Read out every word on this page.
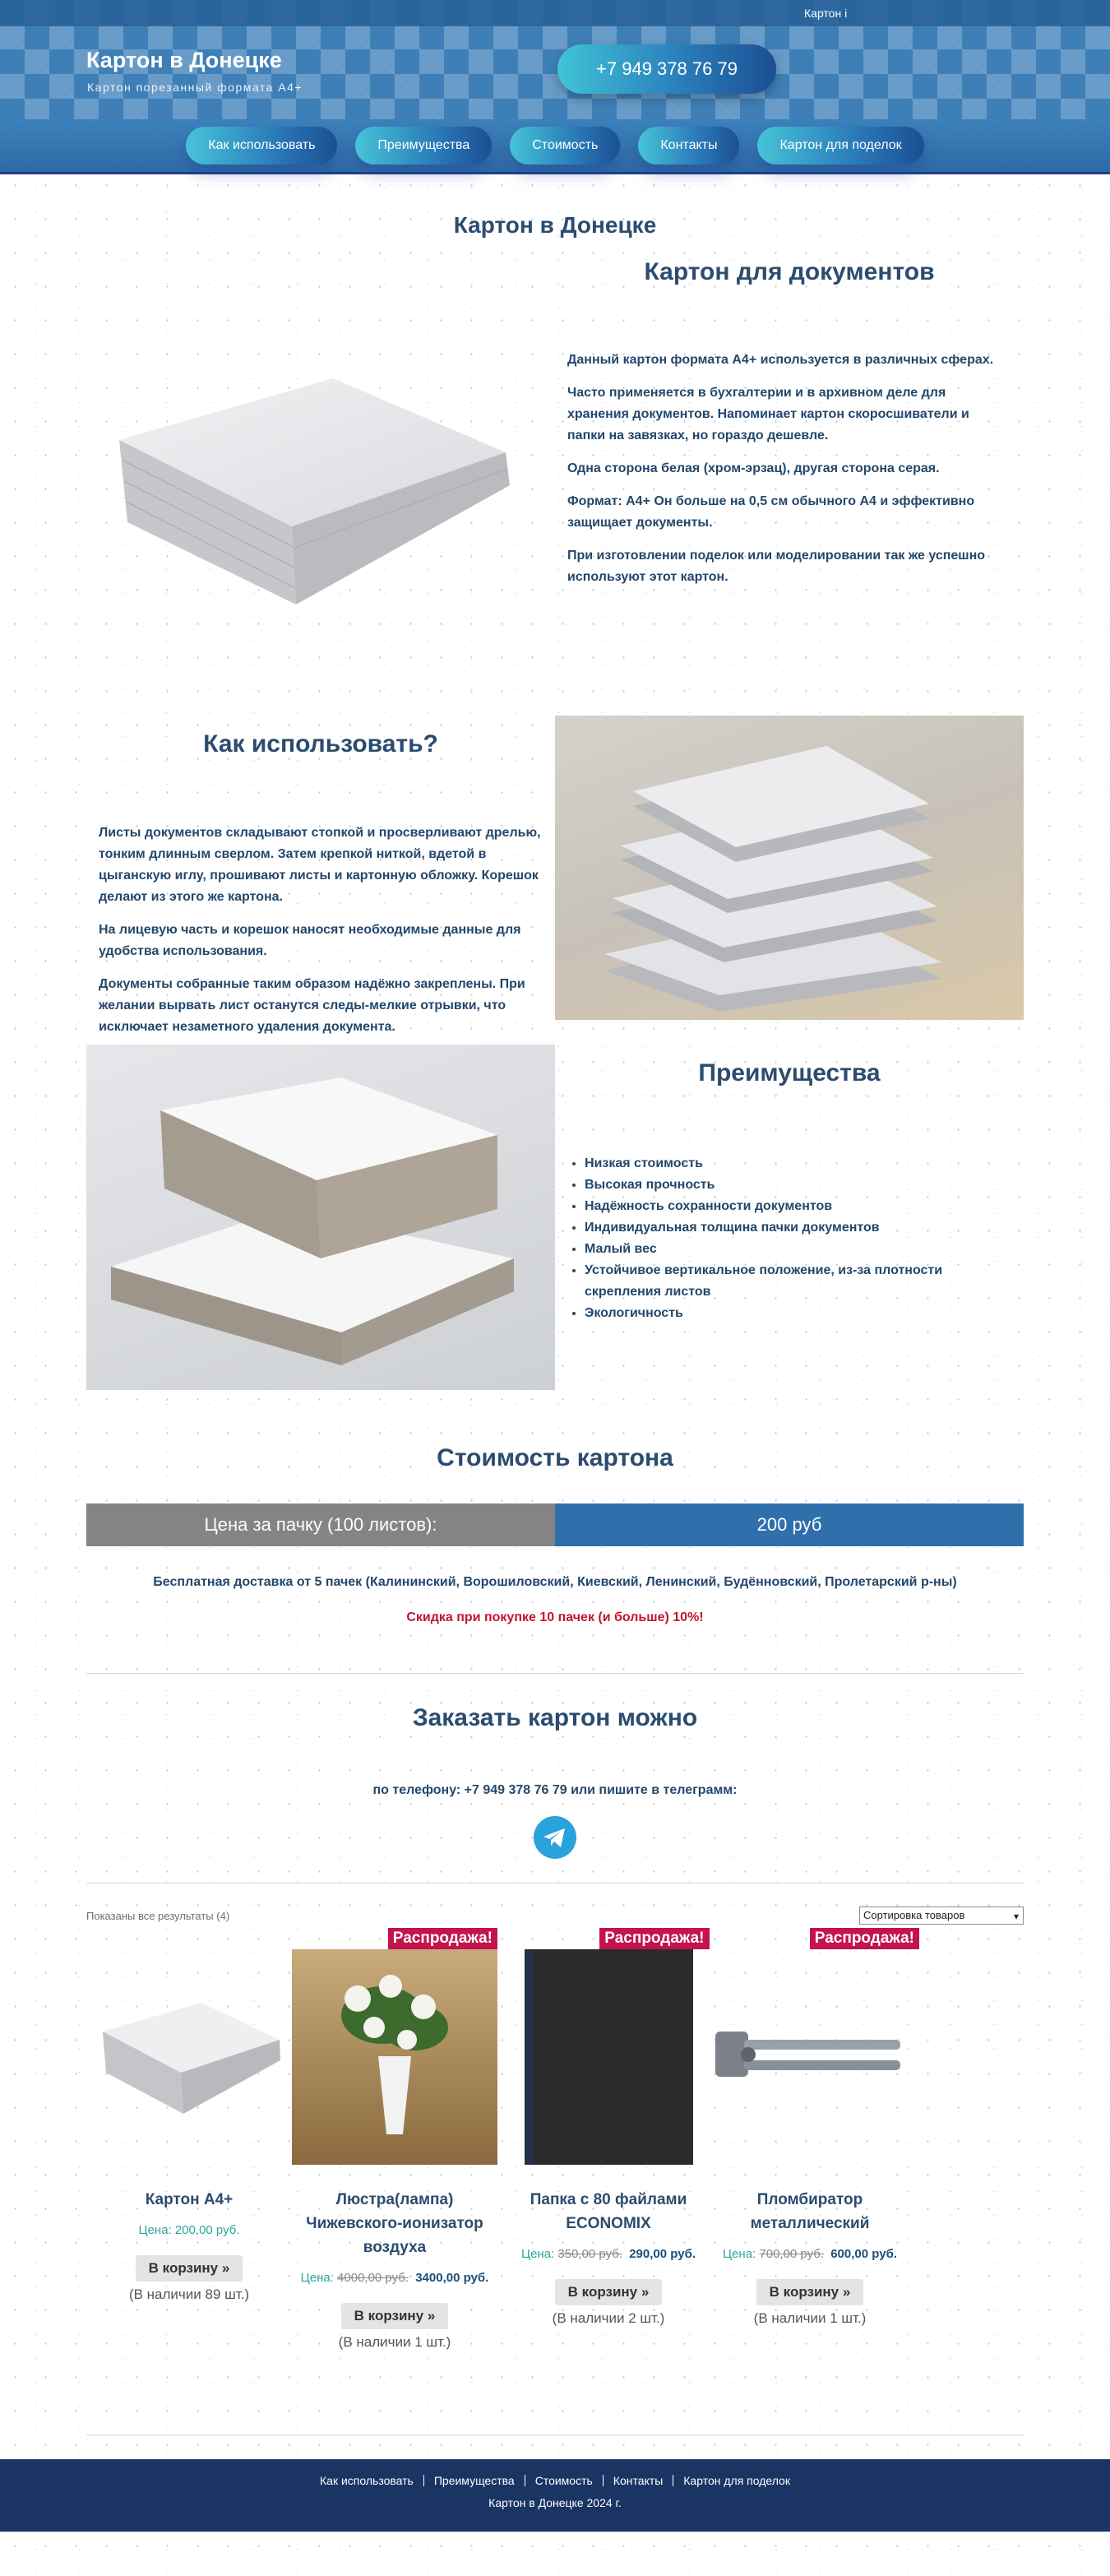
Картон і
Картон в Донецке
Картон порезанный формата А4+
+7 949 378 76 79
Как использовать	Преимущества	Стоимость	Контакты	Картон для поделок
Картон в Донецке
Картон для документов

Данный картон формата А4+ используется в различных сферах.

Часто применяется в бухгалтерии и в архивном деле для хранения документов. Напоминает картон скоросшиватели и папки на завязках, но гораздо дешевле.

Одна сторона белая (хром-эрзац), другая сторона серая.

Формат: А4+ Он больше на 0,5 см обычного А4 и эффективно защищает документы.

При изготовлении поделок или моделировании так же успешно используют этот картон.

Как использовать?

Листы документов складывают стопкой и просверливают дрелью, тонким длинным сверлом. Затем крепкой ниткой, вдетой в цыганскую иглу, прошивают листы и картонную обложку. Корешок делают из этого же картона.

На лицевую часть и корешок наносят необходимые данные для удобства использования.

Документы собранные таким образом надёжно закреплены. При желании вырвать лист останутся следы-мелкие отрывки, что исключает незаметного удаления документа.

Преимущества
• Низкая стоимость
• Высокая прочность
• Надёжность сохранности документов
• Индивидуальная толщина пачки документов
• Малый вес
• Устойчивое вертикальное положение, из-за плотности скрепления листов
• Экологичность
Стоимость картона
Цена за пачку (100 листов):	200 руб
Бесплатная доставка от 5 пачек (Калининский, Ворошиловский, Киевский, Ленинский, Будённовский, Пролетарский р-ны)
Скидка при покупке 10 пачек (и больше) 10%!
Заказать картон можно
по телефону: +7 949 378 76 79 или пишите в телеграмм:
Показаны все результаты (4)	Сортировка товаров ▾
Картон А4+
Цена: 200,00 руб.
В корзину »
(В наличии 89 шт.)
Распродажа!
Люстра(лампа) Чижевского-ионизатор воздуха
Цена: 4000,00 руб. 3400,00 руб.
В корзину »
(В наличии 1 шт.)
Распродажа!
Папка с 80 файлами ECONOMIX
Цена: 350,00 руб. 290,00 руб.
В корзину »
(В наличии 2 шт.)
Распродажа!
Пломбиратор металлический
Цена: 700,00 руб. 600,00 руб.
В корзину »
(В наличии 1 шт.)
Как использовать	Преимущества	Стоимость	Контакты	Картон для поделок
Картон в Донецке 2024 г.
